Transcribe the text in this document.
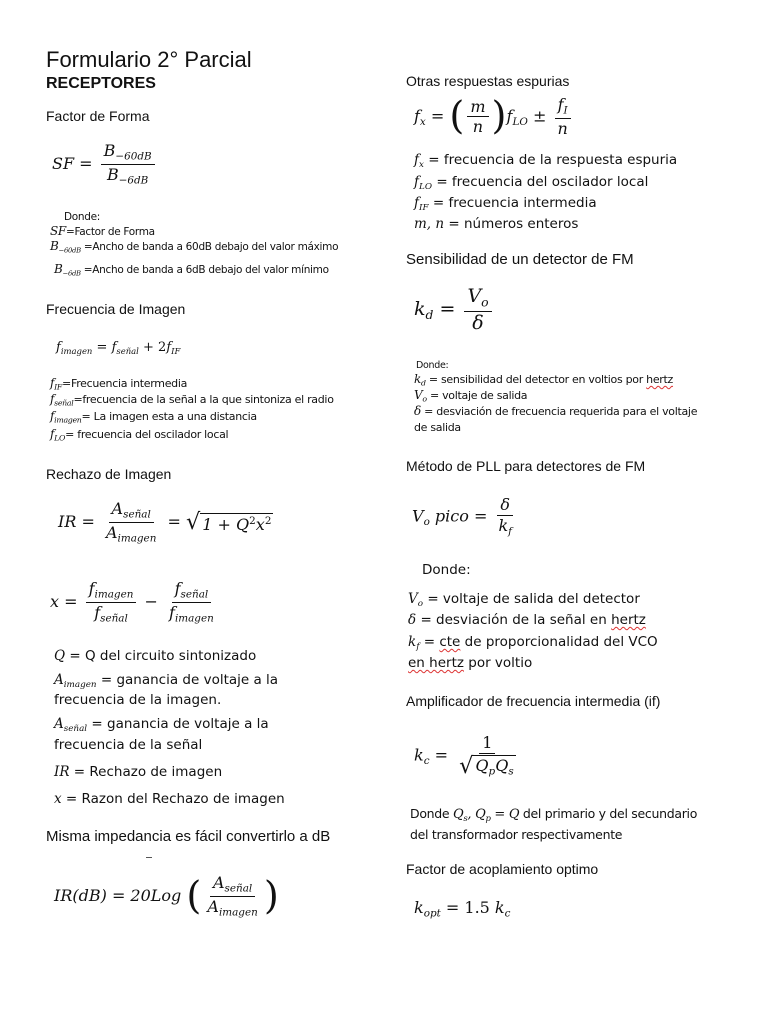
Formulario 2° Parcial
RECEPTORES
Factor de Forma
SF = $\frac{B_{-60dB}}{B_{-6dB}}$
Donde:
SF=Factor de Forma
$B_{-60dB}$ =Ancho de banda a 60dB debajo del valor máximo
$B_{-6dB}$ =Ancho de banda a 6dB debajo del valor mínimo
Frecuencia de Imagen
$f_{imagen} = f_{señal} + 2f_{IF}$
$f_{IF}=Frecuencia$ intermedia
$f_{señal}=frecuencia$ de la señal a la que sintoniza el radio
$f_{imagen}= La$ imagen esta a una distancia
$f_{LO}=$ frecuencia del oscilador local
Rechazo de Imagen
IR = $\frac{A_{señal}}{A_{imagen}}$ = √ $1 + Q^2x^2$
$x = \frac{f_{imagen}}{f_{señal}} - \frac{f_{señal}}{f_{imagen}}$
Q = Q del circuito sintonizado
$A_{imagen}$ = ganancia de voltaje a la
frecuencia de la imagen.
$A_{señal}$ = ganancia de voltaje a la
frecuencia de la señal
IR = Rechazo de imagen
x = Razon del Rechazo de imagen
Misma impedancia es fácil convertirlo a dB
IR(dB) = 20Log ( $\frac{A_{señal}}{A_{imagen}}$ )
Otras respuestas espurias
$f_x$ = ( $\frac{m}{n} )f_{LO} \pm \frac{f_I}{n}$
$f_x$ = frecuencia de la respuesta espuria
$f_{LO}$ = frecuencia del oscilador local
$f_{IF}$ = frecuencia intermedia
m, n = números enteros
Sensibilidad de un detector de FM
$k_d = \frac{V_o}{\delta}$
Donde:
$k_d$ = sensibilidad del detector en voltios por hertz
$V_o$ = voltaje de salida
δ = desviación de frecuencia requerida para el voltaje
de salida
Método de PLL para detectores de FM
$V_o$ pico = $\frac{\delta}{k_f}$
Donde:
$V_o$ = voltaje de salida del detector
δ = desviación de la señal en hertz
$k_f$ = cte de proporcionalidad del VCO
en hertz por voltio
Amplificador de frecuencia intermedia (if)
$k_c = \frac{1}{√ Q_pQ_s}$
Donde $Q_s$, $Q_p = Q$ del primario y del secundario
del transformador respectivamente
Factor de acoplamiento optimo
$k_{opt} = 1.5$ $k_c$
